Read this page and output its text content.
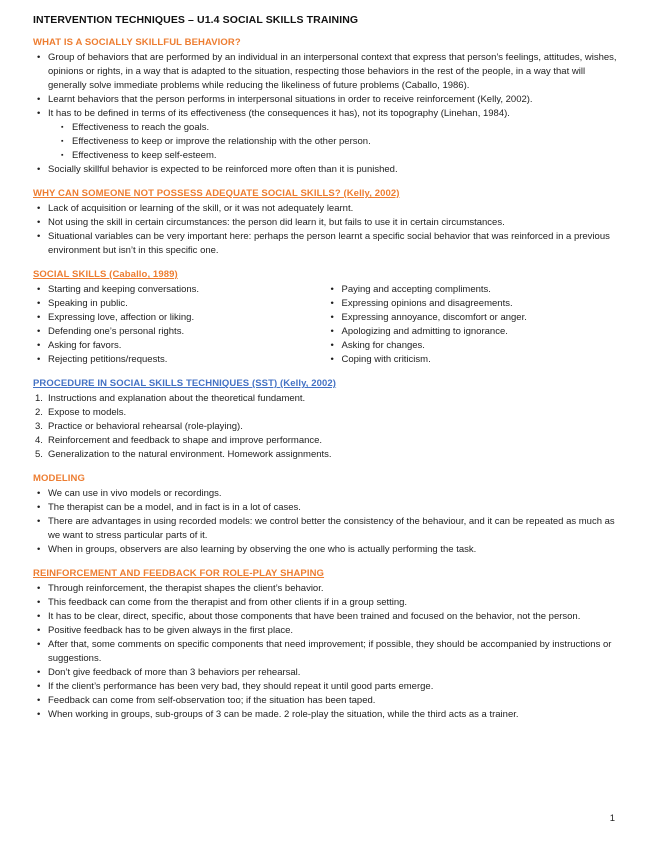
INTERVENTION TECHNIQUES – U1.4 SOCIAL SKILLS TRAINING
WHAT IS A SOCIALLY SKILLFUL BEHAVIOR?
• Group of behaviors that are performed by an individual in an interpersonal context that express that person’s feelings, attitudes, wishes, opinions or rights, in a way that is adapted to the situation, respecting those behaviors in the rest of the people, in a way that will generally solve immediate problems while reducing the likeliness of future problems (Caballo, 1986).
• Learnt behaviors that the person performs in interpersonal situations in order to receive reinforcement (Kelly, 2002).
• It has to be defined in terms of its effectiveness (the consequences it has), not its topography (Linehan, 1984).
▪ Effectiveness to reach the goals.
▪ Effectiveness to keep or improve the relationship with the other person.
▪ Effectiveness to keep self-esteem.
• Socially skillful behavior is expected to be reinforced more often than it is punished.
WHY CAN SOMEONE NOT POSSESS ADEQUATE SOCIAL SKILLS? (Kelly, 2002)
• Lack of acquisition or learning of the skill, or it was not adequately learnt.
• Not using the skill in certain circumstances: the person did learn it, but fails to use it in certain circumstances.
• Situational variables can be very important here: perhaps the person learnt a specific social behavior that was reinforced in a previous environment but isn’t in this specific one.
SOCIAL SKILLS (Caballo, 1989)
• Starting and keeping conversations.
• Speaking in public.
• Expressing love, affection or liking.
• Defending one’s personal rights.
• Asking for favors.
• Rejecting petitions/requests.
• Paying and accepting compliments.
• Expressing opinions and disagreements.
• Expressing annoyance, discomfort or anger.
• Apologizing and admitting to ignorance.
• Asking for changes.
• Coping with criticism.
PROCEDURE IN SOCIAL SKILLS TECHNIQUES (SST) (Kelly, 2002)
1. Instructions and explanation about the theoretical fundament.
2. Expose to models.
3. Practice or behavioral rehearsal (role-playing).
4. Reinforcement and feedback to shape and improve performance.
5. Generalization to the natural environment. Homework assignments.
MODELING
• We can use in vivo models or recordings.
• The therapist can be a model, and in fact is in a lot of cases.
• There are advantages in using recorded models: we control better the consistency of the behaviour, and it can be repeated as much as we want to stress particular parts of it.
• When in groups, observers are also learning by observing the one who is actually performing the task.
REINFORCEMENT AND FEEDBACK FOR ROLE-PLAY SHAPING
• Through reinforcement, the therapist shapes the client’s behavior.
• This feedback can come from the therapist and from other clients if in a group setting.
• It has to be clear, direct, specific, about those components that have been trained and focused on the behavior, not the person.
• Positive feedback has to be given always in the first place.
• After that, some comments on specific components that need improvement; if possible, they should be accompanied by instructions or suggestions.
• Don’t give feedback of more than 3 behaviors per rehearsal.
• If the client’s performance has been very bad, they should repeat it until good parts emerge.
• Feedback can come from self-observation too; if the situation has been taped.
• When working in groups, sub-groups of 3 can be made. 2 role-play the situation, while the third acts as a trainer.
1
